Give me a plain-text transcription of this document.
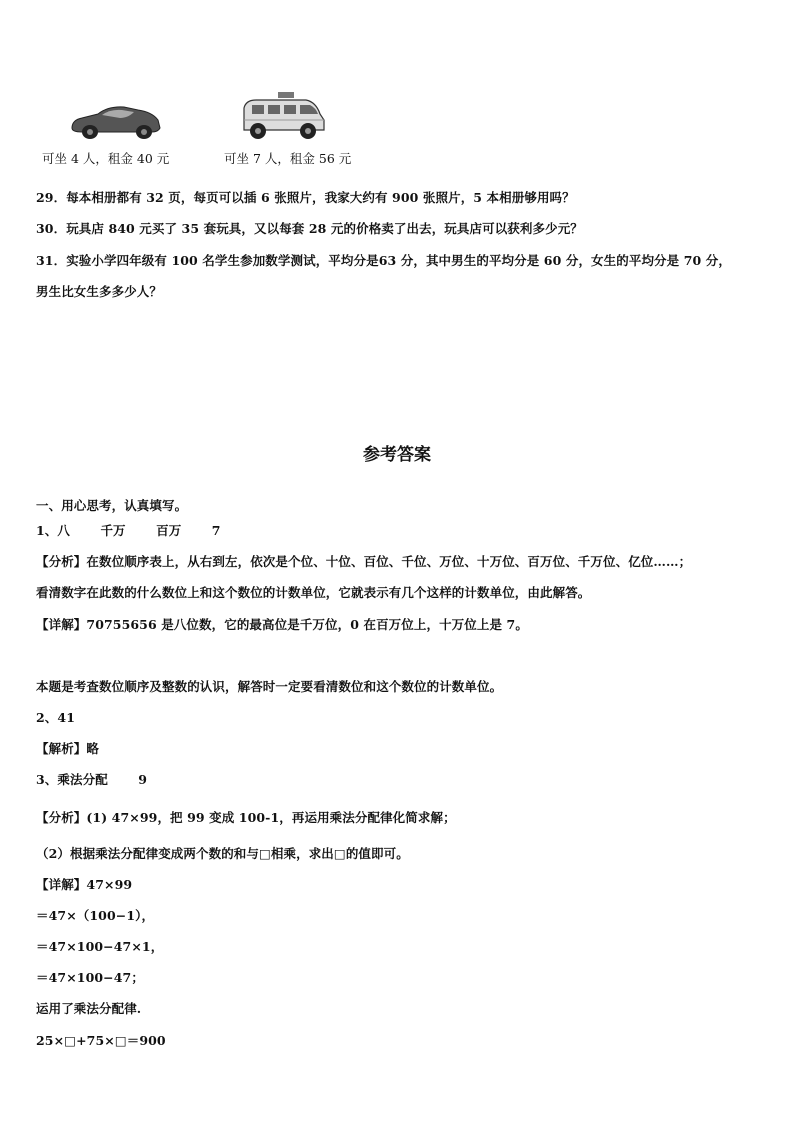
可坐 4 人，租金 40 元	可坐 7 人，租金 56 元
29．每本相册都有 32 页，每页可以插 6 张照片，我家大约有 900 张照片，5 本相册够用吗？
30．玩具店 840 元买了 35 套玩具，又以每套 28 元的价格卖了出去，玩具店可以获利多少元？
31．实验小学四年级有 100 名学生参加数学测试，平均分是63 分，其中男生的平均分是 60 分，女生的平均分是 70 分，
男生比女生多多少人？
参考答案
一、用心思考，认真填写。
1、八 千万 百万 7
【分析】在数位顺序表上，从右到左，依次是个位、十位、百位、千位、万位、十万位、百万位、千万位、亿位……；
看清数字在此数的什么数位上和这个数位的计数单位，它就表示有几个这样的计数单位，由此解答。
【详解】70755656 是八位数，它的最高位是千万位，0 在百万位上，十万位上是 7。
本题是考查数位顺序及整数的认识，解答时一定要看清数位和这个数位的计数单位。
2、41
【解析】略
3、乘法分配 9
【分析】(1) 47×99，把 99 变成 100-1，再运用乘法分配律化简求解；
（2）根据乘法分配律变成两个数的和与□相乘，求出□的值即可。
【详解】47×99
＝47×（100−1），
＝47×100−47×1，
＝47×100−47；
运用了乘法分配律.
25×□+75×□＝900
